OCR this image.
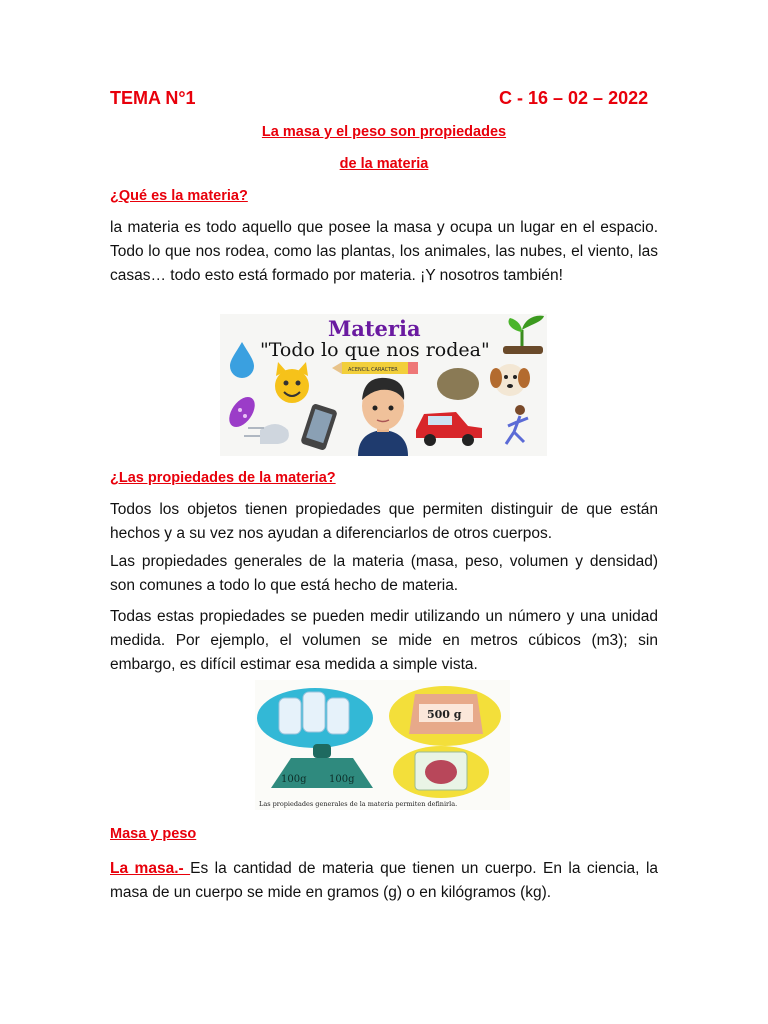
TEMA N°1	C - 16 – 02 – 2022
La masa y el peso son propiedades
de la materia
¿Qué es la materia?

la materia es todo aquello que posee la masa y ocupa un lugar en el espacio. Todo lo que nos rodea, como las plantas, los animales, las nubes, el viento, las casas… todo esto está formado por materia. ¡Y nosotros también!

Materia
"Todo lo que nos rodea"
ACENCIL CARACTER
¿Las propiedades de la materia?

Todos los objetos tienen propiedades que permiten distinguir de que están hechos y a su vez nos ayudan a diferenciarlos de otros cuerpos.

Las propiedades generales de la materia (masa, peso, volumen y densidad) son comunes a todo lo que está hecho de materia.

Todas estas propiedades se pueden medir utilizando un número y una unidad medida. Por ejemplo, el volumen se mide en metros cúbicos (m3); sin embargo, es difícil estimar esa medida a simple vista.

500 g
100g 100g
Las propiedades generales de la materia permiten definirla.
Masa y peso

La masa.- Es la cantidad de materia que tienen un cuerpo. En la ciencia, la masa de un cuerpo se mide en gramos (g) o en kilógramos (kg).
